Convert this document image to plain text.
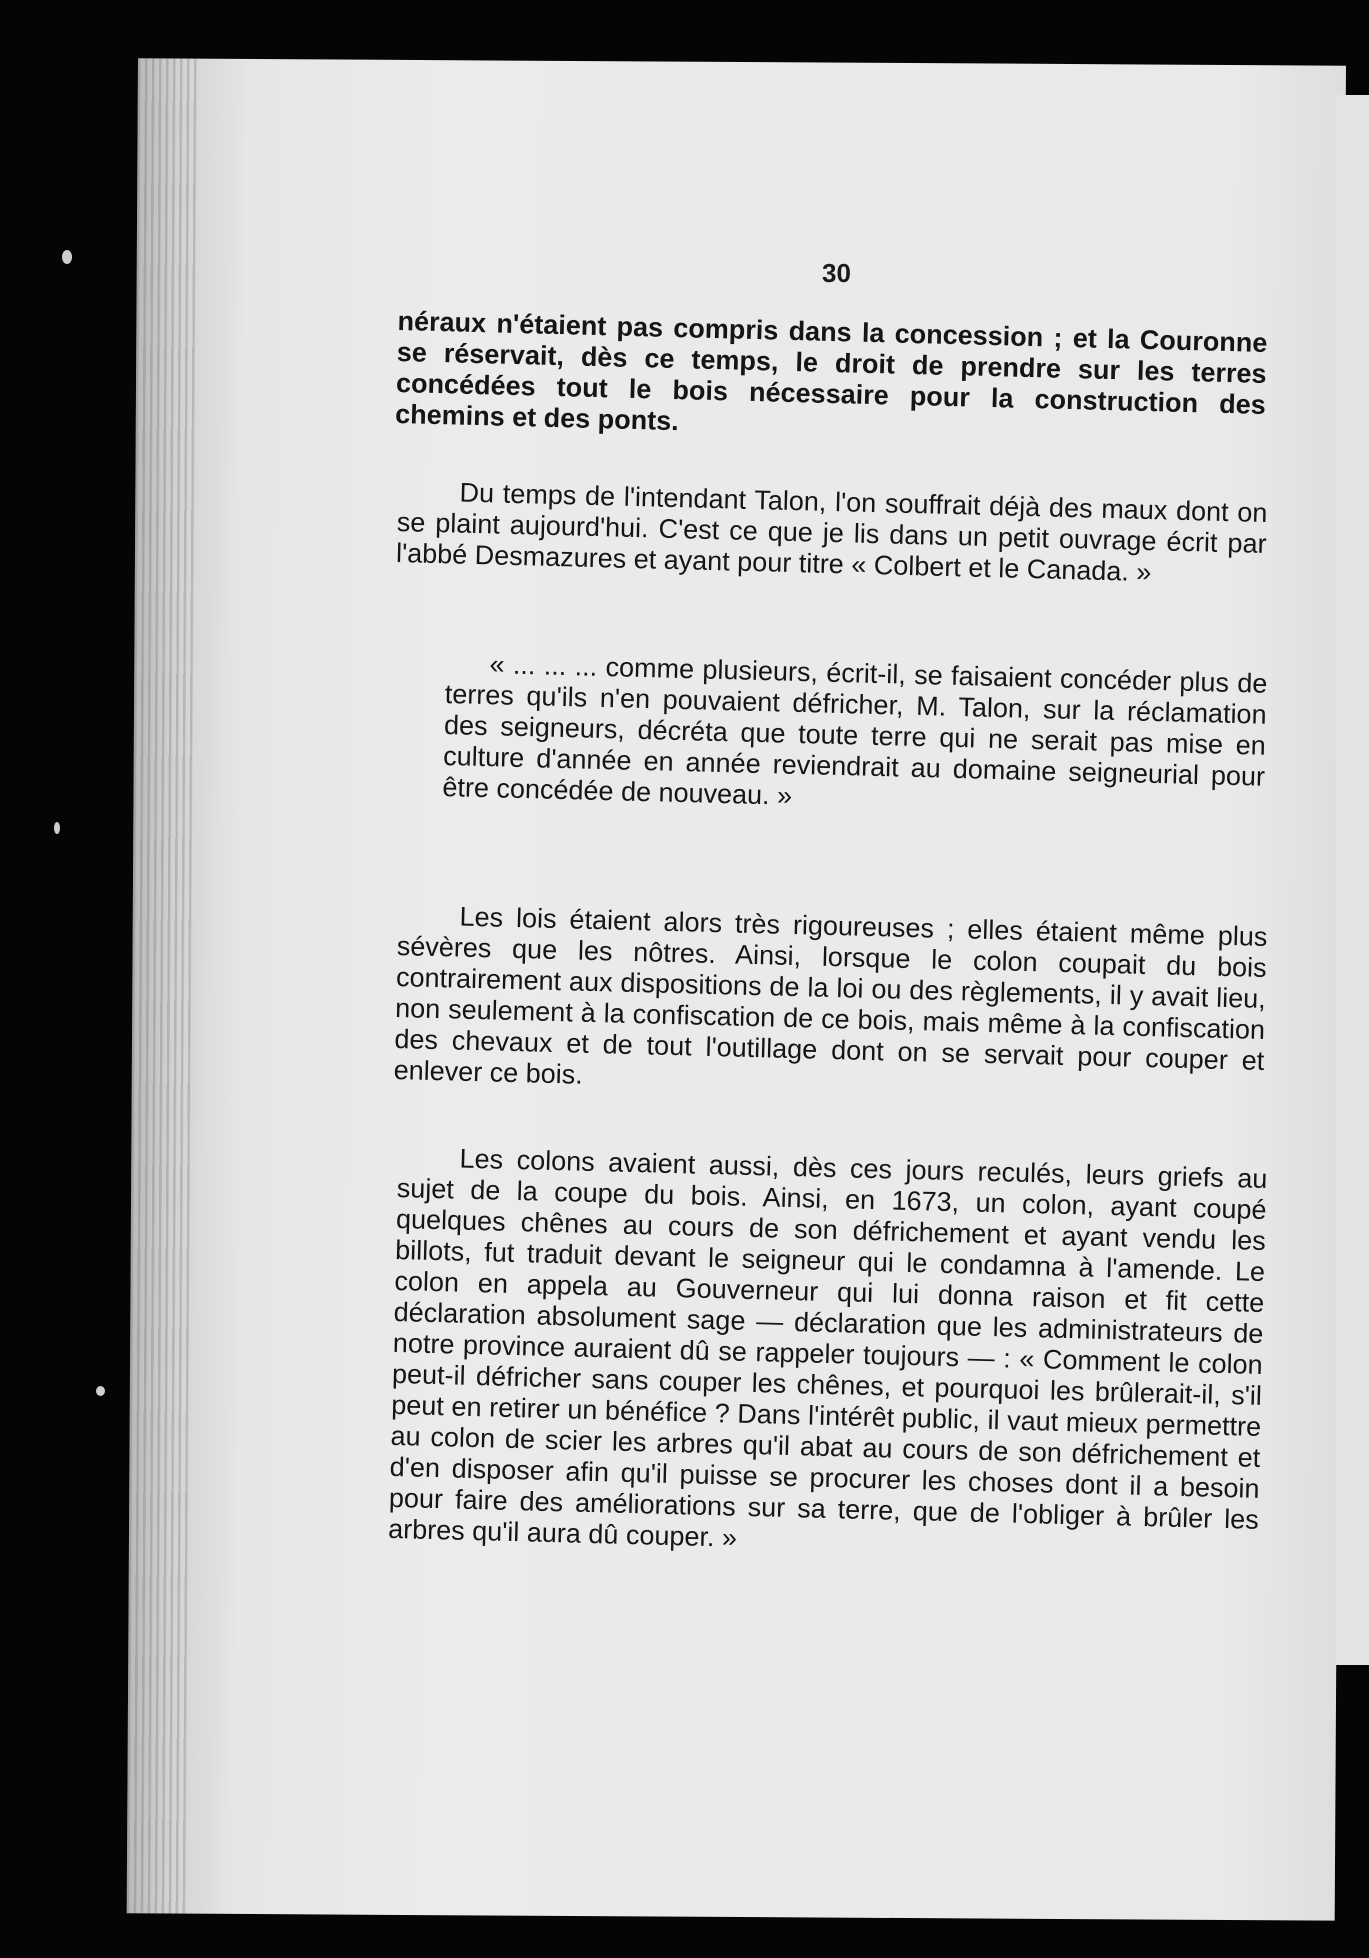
30
néraux n'étaient pas compris dans la concession ; et la Couronne se réservait, dès ce temps, le droit de prendre sur les terres concédées tout le bois nécessaire pour la construction des chemins et des ponts.
Du temps de l'intendant Talon, l'on souffrait déjà des maux dont on se plaint aujourd'hui. C'est ce que je lis dans un petit ouvrage écrit par l'abbé Desmazures et ayant pour titre « Colbert et le Canada. »
« ... ... ... comme plusieurs, écrit-il, se faisaient concéder plus de terres qu'ils n'en pouvaient défricher, M. Talon, sur la réclamation des seigneurs, décréta que toute terre qui ne serait pas mise en culture d'année en année reviendrait au domaine seigneurial pour être concédée de nouveau. »
Les lois étaient alors très rigoureuses ; elles étaient même plus sévères que les nôtres. Ainsi, lorsque le colon coupait du bois contrairement aux dispositions de la loi ou des règlements, il y avait lieu, non seulement à la confiscation de ce bois, mais même à la confiscation des chevaux et de tout l'outillage dont on se servait pour couper et enlever ce bois.
Les colons avaient aussi, dès ces jours reculés, leurs griefs au sujet de la coupe du bois. Ainsi, en 1673, un colon, ayant coupé quelques chênes au cours de son défrichement et ayant vendu les billots, fut traduit devant le seigneur qui le condamna à l'amende. Le colon en appela au Gouverneur qui lui donna raison et fit cette déclaration absolument sage — déclaration que les administrateurs de notre province auraient dû se rappeler toujours — : « Comment le colon peut-il défricher sans couper les chênes, et pourquoi les brûlerait-il, s'il peut en retirer un bénéfice ? Dans l'intérêt public, il vaut mieux permettre au colon de scier les arbres qu'il abat au cours de son défrichement et d'en disposer afin qu'il puisse se procurer les choses dont il a besoin pour faire des améliorations sur sa terre, que de l'obliger à brûler les arbres qu'il aura dû couper. »
